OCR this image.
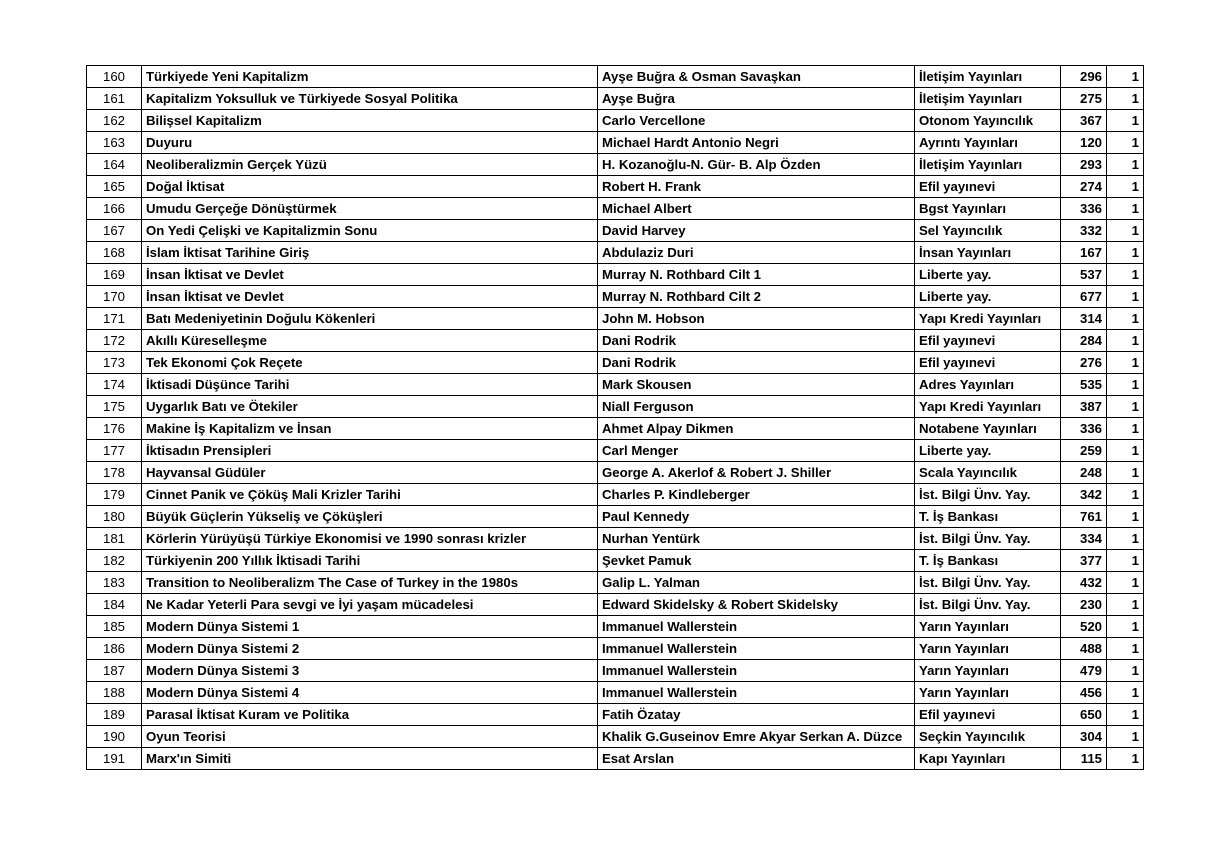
160	Türkiyede Yeni Kapitalizm	Ayşe Buğra & Osman Savaşkan	İletişim Yayınları	296	1
161	Kapitalizm Yoksulluk ve Türkiyede Sosyal Politika	Ayşe Buğra	İletişim Yayınları	275	1
162	Bilişsel Kapitalizm	Carlo Vercellone	Otonom Yayıncılık	367	1
163	Duyuru	Michael Hardt Antonio Negri	Ayrıntı Yayınları	120	1
164	Neoliberalizmin Gerçek Yüzü	H. Kozanoğlu-N. Gür- B. Alp Özden	İletişim Yayınları	293	1
165	Doğal İktisat	Robert H. Frank	Efil yayınevi	274	1
166	Umudu Gerçeğe Dönüştürmek	Michael Albert	Bgst Yayınları	336	1
167	On Yedi Çelişki ve Kapitalizmin Sonu	David Harvey	Sel Yayıncılık	332	1
168	İslam İktisat Tarihine Giriş	Abdulaziz Duri	İnsan Yayınları	167	1
169	İnsan İktisat ve Devlet	Murray N. Rothbard Cilt 1	Liberte yay.	537	1
170	İnsan İktisat ve Devlet	Murray N. Rothbard Cilt 2	Liberte yay.	677	1
171	Batı Medeniyetinin Doğulu Kökenleri	John M. Hobson	Yapı Kredi Yayınları	314	1
172	Akıllı Küreselleşme	Dani Rodrik	Efil yayınevi	284	1
173	Tek Ekonomi Çok Reçete	Dani Rodrik	Efil yayınevi	276	1
174	İktisadi Düşünce Tarihi	Mark Skousen	Adres Yayınları	535	1
175	Uygarlık Batı ve Ötekiler	Niall Ferguson	Yapı Kredi Yayınları	387	1
176	Makine İş Kapitalizm ve İnsan	Ahmet Alpay Dikmen	Notabene Yayınları	336	1
177	İktisadın Prensipleri	Carl Menger	Liberte yay.	259	1
178	Hayvansal Güdüler	George A. Akerlof & Robert J. Shiller	Scala Yayıncılık	248	1
179	Cinnet Panik ve Çöküş Mali Krizler Tarihi	Charles P. Kindleberger	İst. Bilgi Ünv. Yay.	342	1
180	Büyük Güçlerin Yükseliş ve Çöküşleri	Paul Kennedy	T. İş Bankası	761	1
181	Körlerin Yürüyüşü Türkiye Ekonomisi ve 1990 sonrası krizler	Nurhan Yentürk	İst. Bilgi Ünv. Yay.	334	1
182	Türkiyenin 200 Yıllık İktisadi Tarihi	Şevket Pamuk	T. İş Bankası	377	1
183	Transition to Neoliberalizm The Case of Turkey in the 1980s	Galip L. Yalman	İst. Bilgi Ünv. Yay.	432	1
184	Ne Kadar Yeterli Para sevgi ve İyi yaşam mücadelesi	Edward Skidelsky & Robert Skidelsky	İst. Bilgi Ünv. Yay.	230	1
185	Modern Dünya Sistemi 1	Immanuel Wallerstein	Yarın Yayınları	520	1
186	Modern Dünya Sistemi 2	Immanuel Wallerstein	Yarın Yayınları	488	1
187	Modern Dünya Sistemi 3	Immanuel Wallerstein	Yarın Yayınları	479	1
188	Modern Dünya Sistemi 4	Immanuel Wallerstein	Yarın Yayınları	456	1
189	Parasal İktisat Kuram ve Politika	Fatih Özatay	Efil yayınevi	650	1
190	Oyun Teorisi	Khalik G.Guseinov Emre Akyar Serkan A. Düzce	Seçkin Yayıncılık	304	1
191	Marx'ın Simiti	Esat Arslan	Kapı Yayınları	115	1
